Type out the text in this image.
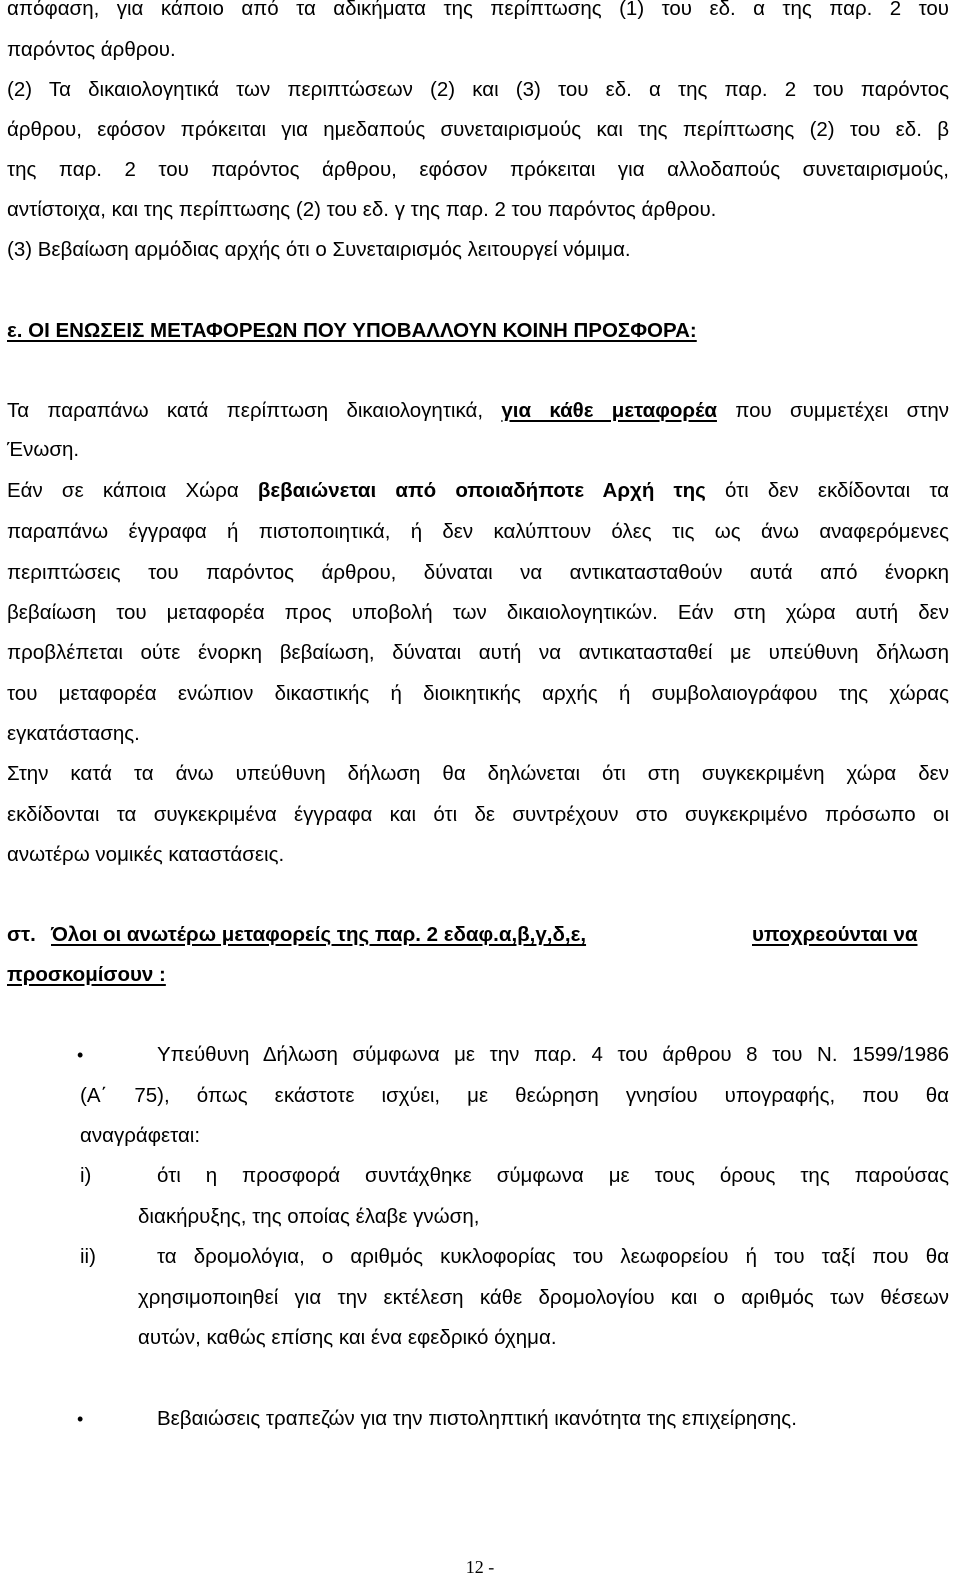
απόφαση, για κάποιο από τα αδικήματα της περίπτωσης (1) του εδ. α της παρ. 2 του

παρόντος άρθρου.

(2) Τα δικαιολογητικά των περιπτώσεων (2) και (3) του εδ. α της παρ. 2 του παρόντος

άρθρου, εφόσον πρόκειται για ημεδαπούς συνεταιρισμούς και της περίπτωσης (2) του εδ. β

της παρ. 2 του παρόντος άρθρου, εφόσον πρόκειται για αλλοδαπούς συνεταιρισμούς,

αντίστοιχα, και της περίπτωσης (2) του εδ. γ της παρ. 2 του παρόντος άρθρου.

(3) Βεβαίωση αρμόδιας αρχής ότι ο Συνεταιρισμός λειτουργεί νόμιμα.

ε. ΟΙ ΕΝΩΣΕΙΣ ΜΕΤΑΦΟΡΕΩΝ ΠΟΥ ΥΠΟΒΑΛΛΟΥΝ ΚΟΙΝΗ ΠΡΟΣΦΟΡΑ:

Τα παραπάνω κατά περίπτωση δικαιολογητικά, για κάθε μεταφορέα που συμμετέχει στην

Ένωση.

Εάν σε κάποια Χώρα βεβαιώνεται από οποιαδήποτε Αρχή της ότι δεν εκδίδονται τα

παραπάνω έγγραφα ή πιστοποιητικά, ή δεν καλύπτουν όλες τις ως άνω αναφερόμενες

περιπτώσεις του παρόντος άρθρου, δύναται να αντικατασταθούν αυτά από ένορκη

βεβαίωση του μεταφορέα προς υποβολή των δικαιολογητικών. Εάν στη χώρα αυτή δεν

προβλέπεται ούτε ένορκη βεβαίωση, δύναται αυτή να αντικατασταθεί με υπεύθυνη δήλωση

του μεταφορέα ενώπιον δικαστικής ή διοικητικής αρχής ή συμβολαιογράφου της χώρας

εγκατάστασης.

Στην κατά τα άνω υπεύθυνη δήλωση θα δηλώνεται ότι στη συγκεκριμένη χώρα δεν

εκδίδονται τα συγκεκριμένα έγγραφα και ότι δε συντρέχουν στο συγκεκριμένο πρόσωπο οι

ανωτέρω νομικές καταστάσεις.

στ. Όλοι οι ανωτέρω μεταφορείς της παρ. 2 εδαφ.α,β,γ,δ,ε,	υποχρεούνται να

προσκομίσουν :

•	Υπεύθυνη Δήλωση σύμφωνα με την παρ. 4 του άρθρου 8 του Ν. 1599/1986

(Α΄ 75), όπως εκάστοτε ισχύει, με θεώρηση γνησίου υπογραφής, που θα

αναγράφεται:

i)	ότι η προσφορά συντάχθηκε σύμφωνα με τους όρους της παρούσας

διακήρυξης, της οποίας έλαβε γνώση,

ii)	τα δρομολόγια, ο αριθμός κυκλοφορίας του λεωφορείου ή του ταξί που θα

χρησιμοποιηθεί για την εκτέλεση κάθε δρομολογίου και ο αριθμός των θέσεων

αυτών, καθώς επίσης και ένα εφεδρικό όχημα.

•	Βεβαιώσεις τραπεζών για την πιστοληπτική ικανότητα της επιχείρησης.

12 -
